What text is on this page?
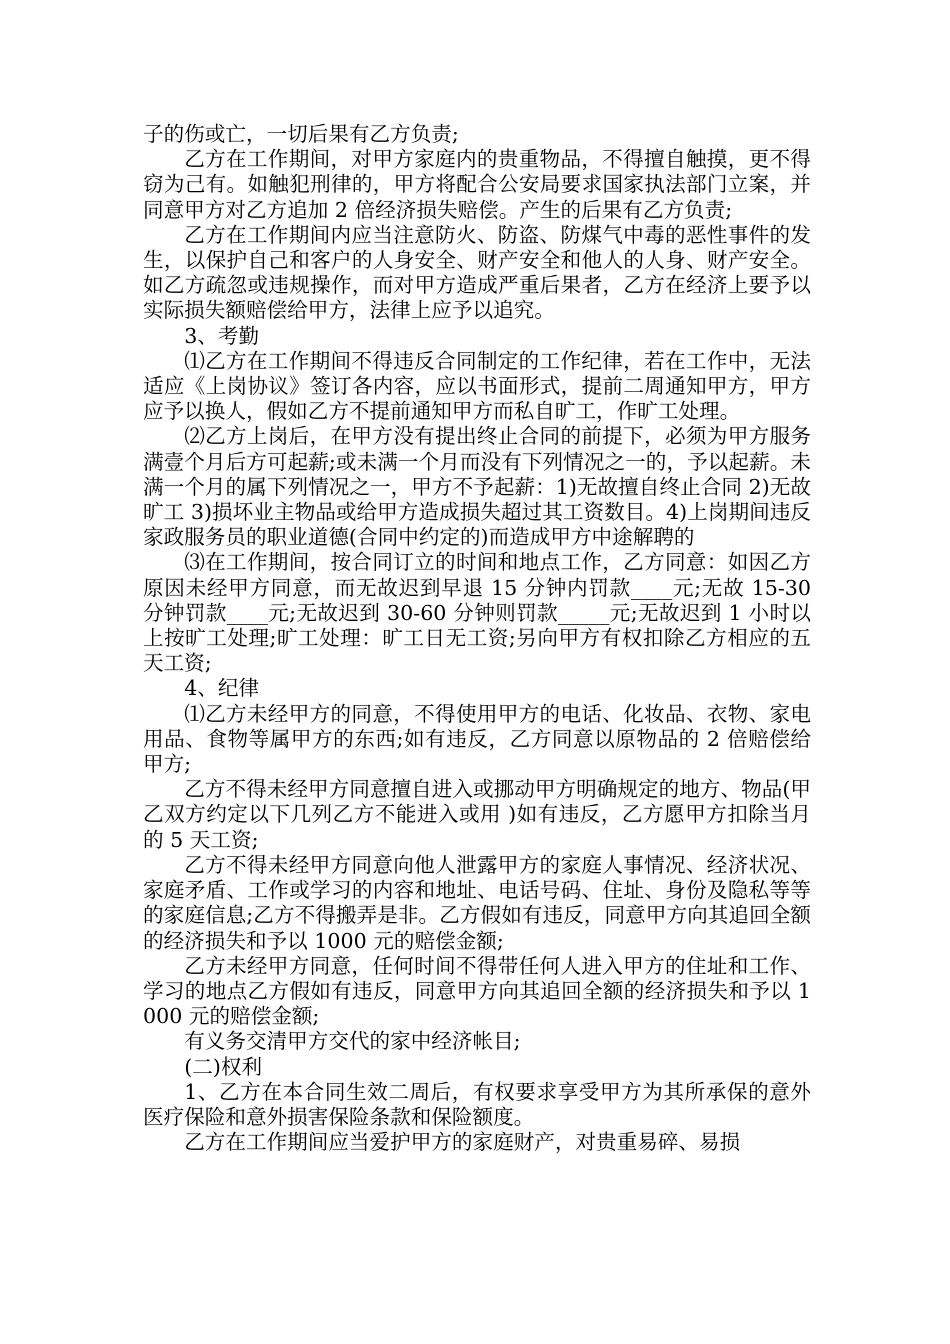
子的伤或亡，一切后果有乙方负责;

乙方在工作期间，对甲方家庭内的贵重物品，不得擅自触摸，更不得窃为己有。如触犯刑律的，甲方将配合公安局要求国家执法部门立案，并同意甲方对乙方追加 2 倍经济损失赔偿。产生的后果有乙方负责;

乙方在工作期间内应当注意防火、防盗、防煤气中毒的恶性事件的发生，以保护自己和客户的人身安全、财产安全和他人的人身、财产安全。如乙方疏忽或违规操作，而对甲方造成严重后果者，乙方在经济上要予以实际损失额赔偿给甲方，法律上应予以追究。

3、考勤

⑴乙方在工作期间不得违反合同制定的工作纪律，若在工作中，无法适应《上岗协议》签订各内容，应以书面形式，提前二周通知甲方，甲方应予以换人，假如乙方不提前通知甲方而私自旷工，作旷工处理。

⑵乙方上岗后，在甲方没有提出终止合同的前提下，必须为甲方服务满壹个月后方可起薪;或未满一个月而没有下列情况之一的，予以起薪。未满一个月的属下列情况之一，甲方不予起薪：1)无故擅自终止合同 2)无故旷工 3)损坏业主物品或给甲方造成损失超过其工资数目。4)上岗期间违反家政服务员的职业道德(合同中约定的)而造成甲方中途解聘的

⑶在工作期间，按合同订立的时间和地点工作，乙方同意：如因乙方原因未经甲方同意，而无故迟到早退 15 分钟内罚款____元;无故 15-30 分钟罚款____元;无故迟到 30-60 分钟则罚款_____元;无故迟到 1 小时以上按旷工处理;旷工处理：旷工日无工资;另向甲方有权扣除乙方相应的五天工资;

4、纪律

⑴乙方未经甲方的同意，不得使用甲方的电话、化妆品、衣物、家电用品、食物等属甲方的东西;如有违反，乙方同意以原物品的 2 倍赔偿给甲方;

乙方不得未经甲方同意擅自进入或挪动甲方明确规定的地方、物品(甲乙双方约定以下几列乙方不能进入或用 )如有违反，乙方愿甲方扣除当月的 5 天工资;

乙方不得未经甲方同意向他人泄露甲方的家庭人事情况、经济状况、家庭矛盾、工作或学习的内容和地址、电话号码、住址、身份及隐私等等的家庭信息;乙方不得搬弄是非。乙方假如有违反，同意甲方向其追回全额的经济损失和予以 1000 元的赔偿金额;

乙方未经甲方同意，任何时间不得带任何人进入甲方的住址和工作、学习的地点乙方假如有违反，同意甲方向其追回全额的经济损失和予以 1000 元的赔偿金额;

有义务交清甲方交代的家中经济帐目;

(二)权利

1、乙方在本合同生效二周后，有权要求享受甲方为其所承保的意外医疗保险和意外损害保险条款和保险额度。

乙方在工作期间应当爱护甲方的家庭财产，对贵重易碎、易损
